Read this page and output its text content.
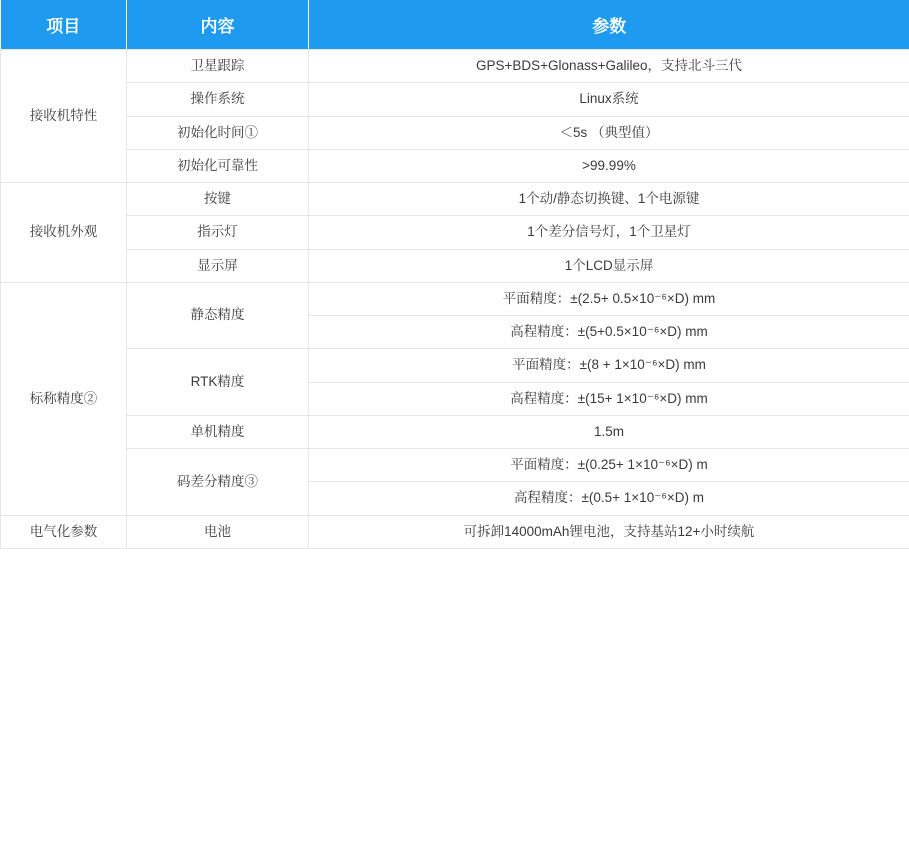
项目	内容	参数
接收机特性	卫星跟踪	GPS+BDS+Glonass+Galileo，支持北斗三代
	操作系统	Linux系统
	初始化时间①	＜5s （典型值）
	初始化可靠性	>99.99%
接收机外观	按键	1个动/静态切换键、1个电源键
	指示灯	1个差分信号灯，1个卫星灯
	显示屏	1个LCD显示屏
标称精度②	静态精度	平面精度：±(2.5+ 0.5×10⁻⁶×D) mm
		高程精度：±(5+0.5×10⁻⁶×D) mm
	RTK精度	平面精度：±(8 + 1×10⁻⁶×D) mm
		高程精度：±(15+ 1×10⁻⁶×D) mm
	单机精度	1.5m
	码差分精度③	平面精度：±(0.25+ 1×10⁻⁶×D) m
		高程精度：±(0.5+ 1×10⁻⁶×D) m
电气化参数	电池	可拆卸14000mAh锂电池，支持基站12+小时续航
